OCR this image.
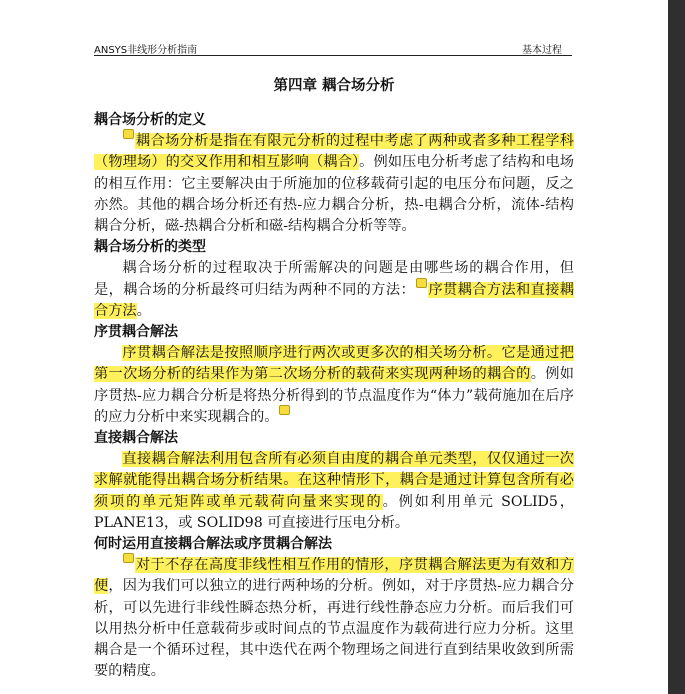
ANSYS非线形分析指南	基本过程
第四章 耦合场分析
耦合场分析的定义

耦合场分析是指在有限元分析的过程中考虑了两种或者多种工程学科（物理场）的交叉作用和相互影响（耦合）。例如压电分析考虑了结构和电场的相互作用：它主要解决由于所施加的位移载荷引起的电压分布问题，反之亦然。其他的耦合场分析还有热-应力耦合分析，热-电耦合分析，流体-结构耦合分析，磁-热耦合分析和磁-结构耦合分析等等。

耦合场分析的类型

耦合场分析的过程取决于所需解决的问题是由哪些场的耦合作用，但是，耦合场的分析最终可归结为两种不同的方法： 序贯耦合方法和直接耦合方法。

序贯耦合解法

序贯耦合解法是按照顺序进行两次或更多次的相关场分析。它是通过把第一次场分析的结果作为第二次场分析的载荷来实现两种场的耦合的。例如序贯热-应力耦合分析是将热分析得到的节点温度作为“体力”载荷施加在后序的应力分析中来实现耦合的。

直接耦合解法

直接耦合解法利用包含所有必须自由度的耦合单元类型，仅仅通过一次求解就能得出耦合场分析结果。在这种情形下，耦合是通过计算包含所有必须项的单元矩阵或单元载荷向量来实现的。例如利用单元 SOLID5，PLANE13，或 SOLID98 可直接进行压电分析。

何时运用直接耦合解法或序贯耦合解法

对于不存在高度非线性相互作用的情形，序贯耦合解法更为有效和方便，因为我们可以独立的进行两种场的分析。例如，对于序贯热-应力耦合分析，可以先进行非线性瞬态热分析，再进行线性静态应力分析。而后我们可以用热分析中任意载荷步或时间点的节点温度作为载荷进行应力分析。这里耦合是一个循环过程，其中迭代在两个物理场之间进行直到结果收敛到所需要的精度。
